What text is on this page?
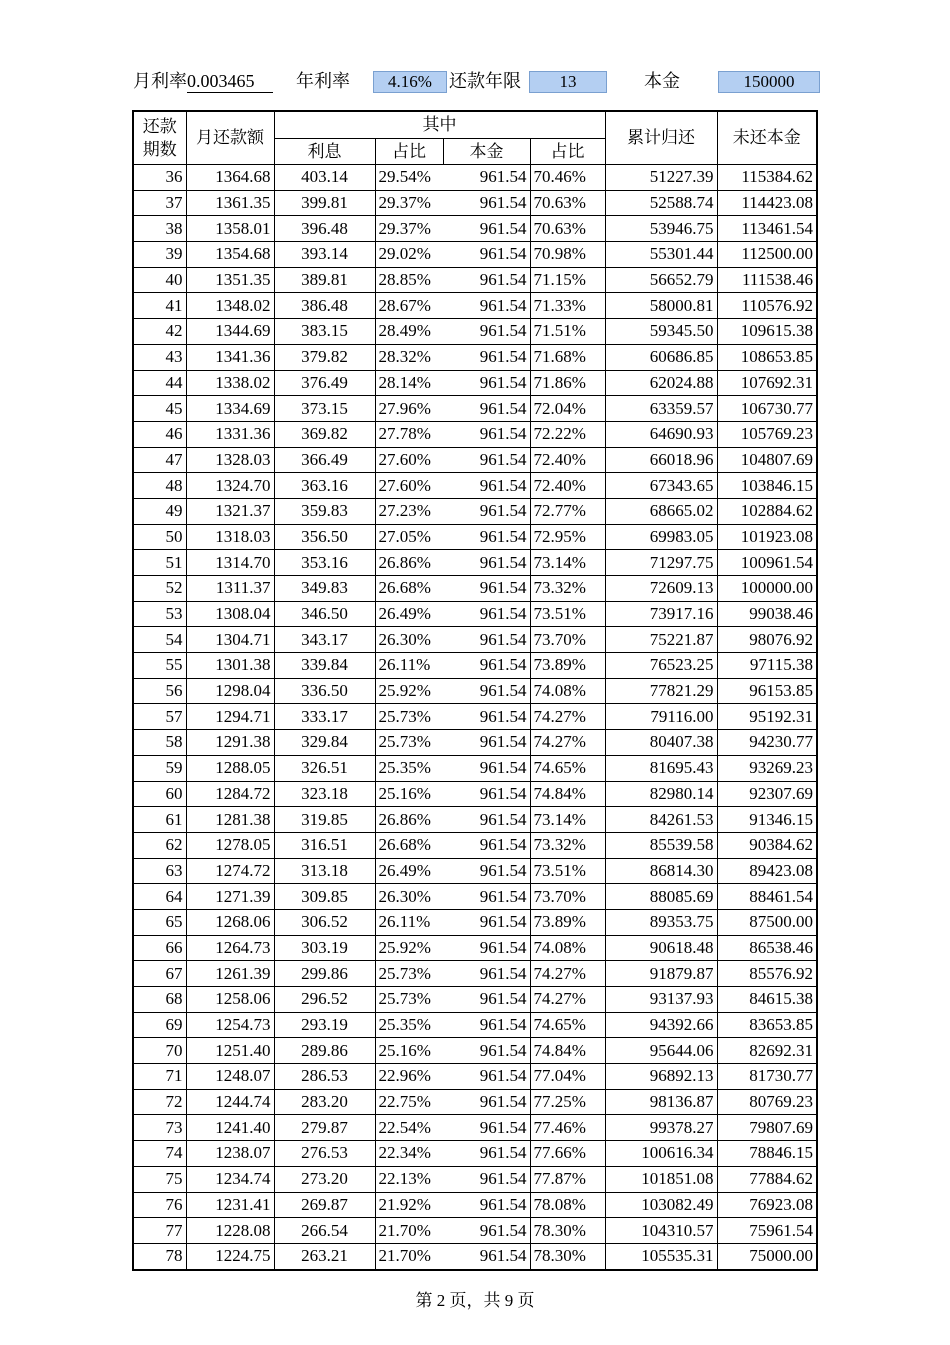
月利率 0.003465	年利率	4.16% 还款年限	13	本金	150000
还款
期数	月还款额	其中				累计归还	未还本金
		利息	占比	本金	占比		
36	1364.68	403.14	29.54%	961.54	70.46%	51227.39	115384.62
37	1361.35	399.81	29.37%	961.54	70.63%	52588.74	114423.08
38	1358.01	396.48	29.37%	961.54	70.63%	53946.75	113461.54
39	1354.68	393.14	29.02%	961.54	70.98%	55301.44	112500.00
40	1351.35	389.81	28.85%	961.54	71.15%	56652.79	111538.46
41	1348.02	386.48	28.67%	961.54	71.33%	58000.81	110576.92
42	1344.69	383.15	28.49%	961.54	71.51%	59345.50	109615.38
43	1341.36	379.82	28.32%	961.54	71.68%	60686.85	108653.85
44	1338.02	376.49	28.14%	961.54	71.86%	62024.88	107692.31
45	1334.69	373.15	27.96%	961.54	72.04%	63359.57	106730.77
46	1331.36	369.82	27.78%	961.54	72.22%	64690.93	105769.23
47	1328.03	366.49	27.60%	961.54	72.40%	66018.96	104807.69
48	1324.70	363.16	27.60%	961.54	72.40%	67343.65	103846.15
49	1321.37	359.83	27.23%	961.54	72.77%	68665.02	102884.62
50	1318.03	356.50	27.05%	961.54	72.95%	69983.05	101923.08
51	1314.70	353.16	26.86%	961.54	73.14%	71297.75	100961.54
52	1311.37	349.83	26.68%	961.54	73.32%	72609.13	100000.00
53	1308.04	346.50	26.49%	961.54	73.51%	73917.16	99038.46
54	1304.71	343.17	26.30%	961.54	73.70%	75221.87	98076.92
55	1301.38	339.84	26.11%	961.54	73.89%	76523.25	97115.38
56	1298.04	336.50	25.92%	961.54	74.08%	77821.29	96153.85
57	1294.71	333.17	25.73%	961.54	74.27%	79116.00	95192.31
58	1291.38	329.84	25.73%	961.54	74.27%	80407.38	94230.77
59	1288.05	326.51	25.35%	961.54	74.65%	81695.43	93269.23
60	1284.72	323.18	25.16%	961.54	74.84%	82980.14	92307.69
61	1281.38	319.85	26.86%	961.54	73.14%	84261.53	91346.15
62	1278.05	316.51	26.68%	961.54	73.32%	85539.58	90384.62
63	1274.72	313.18	26.49%	961.54	73.51%	86814.30	89423.08
64	1271.39	309.85	26.30%	961.54	73.70%	88085.69	88461.54
65	1268.06	306.52	26.11%	961.54	73.89%	89353.75	87500.00
66	1264.73	303.19	25.92%	961.54	74.08%	90618.48	86538.46
67	1261.39	299.86	25.73%	961.54	74.27%	91879.87	85576.92
68	1258.06	296.52	25.73%	961.54	74.27%	93137.93	84615.38
69	1254.73	293.19	25.35%	961.54	74.65%	94392.66	83653.85
70	1251.40	289.86	25.16%	961.54	74.84%	95644.06	82692.31
71	1248.07	286.53	22.96%	961.54	77.04%	96892.13	81730.77
72	1244.74	283.20	22.75%	961.54	77.25%	98136.87	80769.23
73	1241.40	279.87	22.54%	961.54	77.46%	99378.27	79807.69
74	1238.07	276.53	22.34%	961.54	77.66%	100616.34	78846.15
75	1234.74	273.20	22.13%	961.54	77.87%	101851.08	77884.62
76	1231.41	269.87	21.92%	961.54	78.08%	103082.49	76923.08
77	1228.08	266.54	21.70%	961.54	78.30%	104310.57	75961.54
78	1224.75	263.21	21.70%	961.54	78.30%	105535.31	75000.00
第 2 页，共 9 页
